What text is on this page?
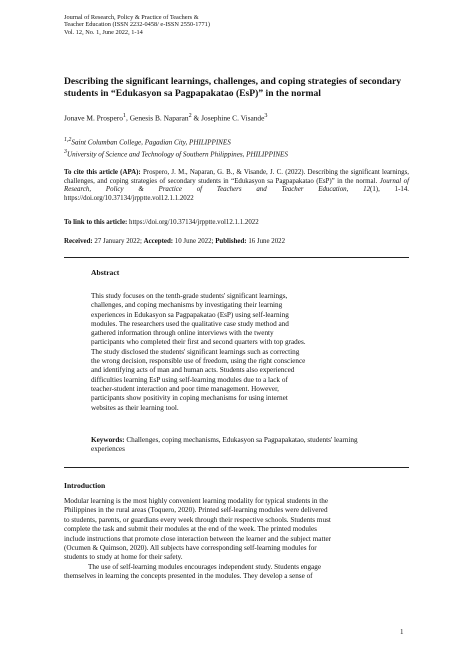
Journal of Research, Policy & Practice of Teachers &
Teacher Education (ISSN 2232-0458/ e-ISSN 2550-1771)
Vol. 12, No. 1, June 2022, 1-14
Describing the significant learnings, challenges, and coping strategies of secondary students in “Edukasyon sa Pagpapakatao (EsP)” in the normal
Jonave M. Prospero$^1$, Genesis B. Naparan$^2$ & Josephine C. Visande$^3$
$^{1,2}$Saint Columban College, Pagadian City, PHILIPPINES
$^3$University of Science and Technology of Southern Philippines, PHILIPPINES
To cite this article (APA): Prospero, J. M., Naparan, G. B., & Visande, J. C. (2022). Describing the significant learnings, challenges, and coping strategies of secondary students in “Edukasyon sa Pagpapakatao (EsP)” in the normal. Journal of Research, Policy & Practice of Teachers and Teacher Education, 12(1), 1-14. https://doi.org/10.37134/jrpptte.vol12.1.1.2022
To link to this article: https://doi.org/10.37134/jrpptte.vol12.1.1.2022
Received: 27 January 2022; Accepted: 10 June 2022; Published: 16 June 2022
Abstract
This study focuses on the tenth-grade students' significant learnings,
challenges, and coping mechanisms by investigating their learning
experiences in Edukasyon sa Pagpapakatao (EsP) using self-learning
modules. The researchers used the qualitative case study method and
gathered information through online interviews with the twenty
participants who completed their first and second quarters with top grades.
The study disclosed the students' significant learnings such as correcting
the wrong decision, responsible use of freedom, using the right conscience
and identifying acts of man and human acts. Students also experienced
difficulties learning EsP using self-learning modules due to a lack of
teacher-student interaction and poor time management. However,
participants show positivity in coping mechanisms for using internet
websites as their learning tool.
Keywords: Challenges, coping mechanisms, Edukasyon sa Pagpapakatao, students' learning experiences
Introduction
Modular learning is the most highly convenient learning modality for typical students in the
Philippines in the rural areas (Toquero, 2020). Printed self-learning modules were delivered
to students, parents, or guardians every week through their respective schools. Students must
complete the task and submit their modules at the end of the week. The printed modules
include instructions that promote close interaction between the learner and the subject matter
(Ocumen & Quimson, 2020). All subjects have corresponding self-learning modules for
students to study at home for their safety.
The use of self-learning modules encourages independent study. Students engage
themselves in learning the concepts presented in the modules. They develop a sense of
1
